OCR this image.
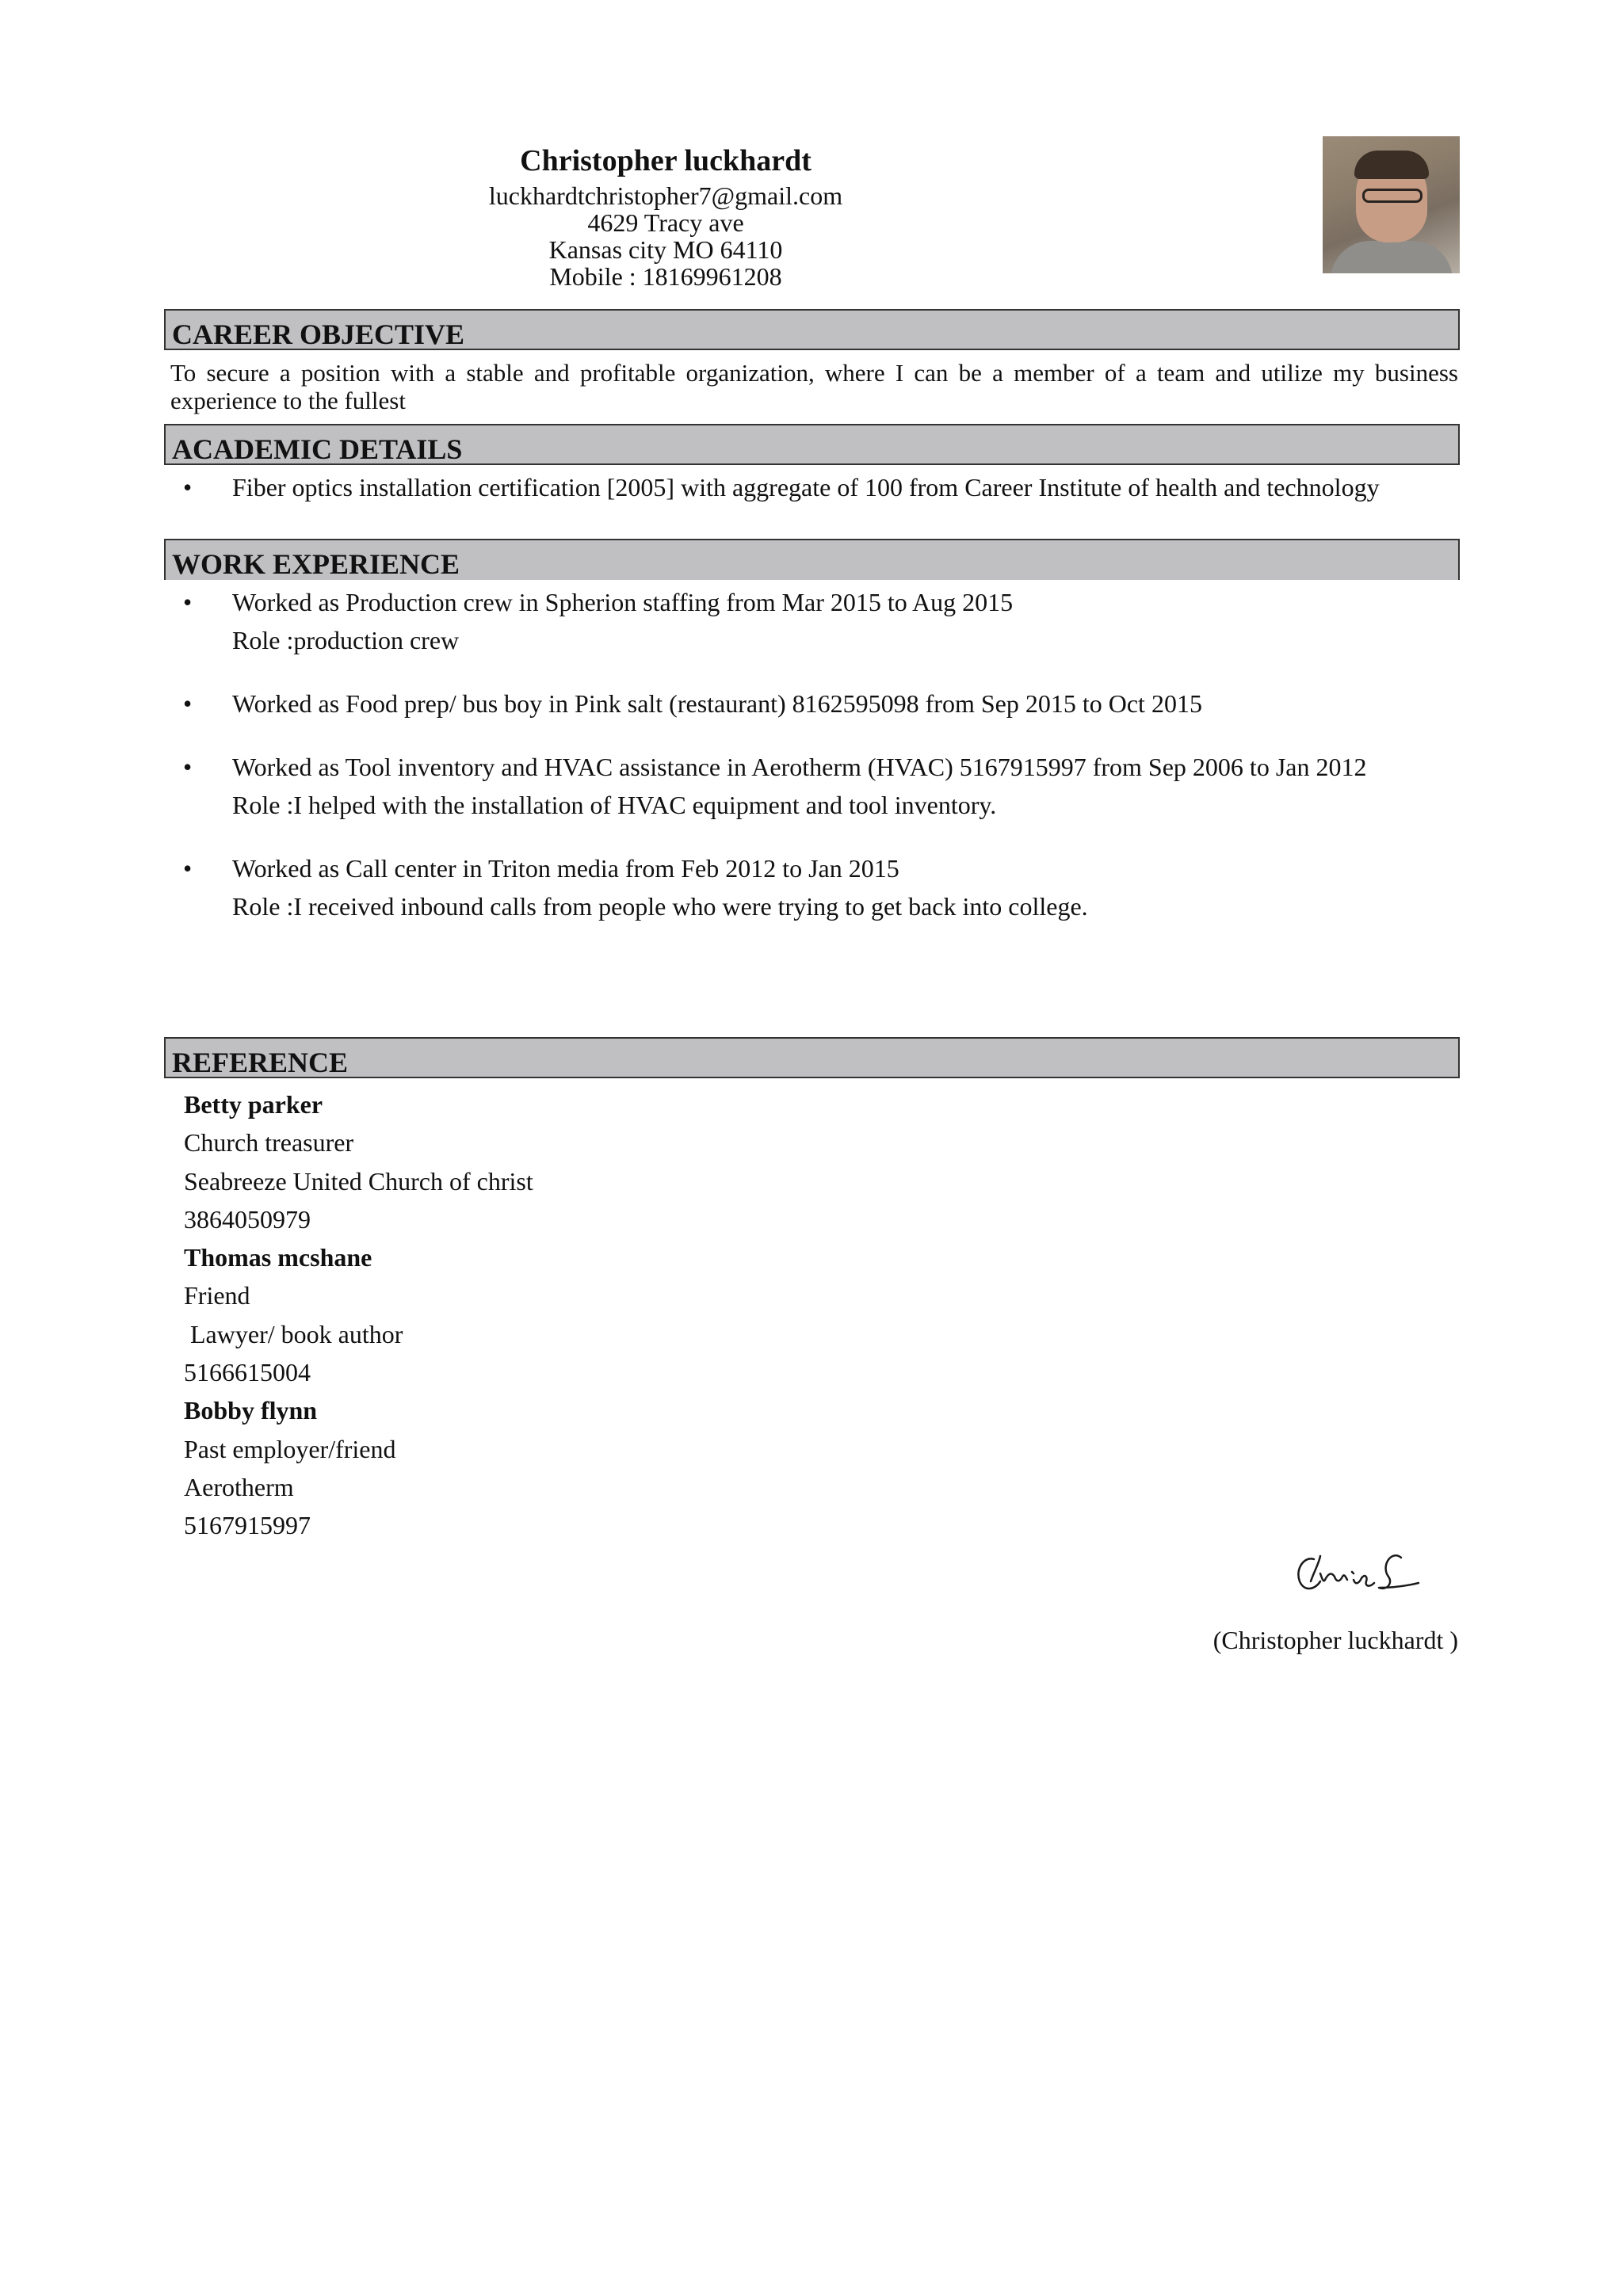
Christopher luckhardt
luckhardtchristopher7@gmail.com
4629 Tracy ave
Kansas city MO 64110
Mobile : 18169961208
CAREER OBJECTIVE
To secure a position with a stable and profitable organization, where I can be a member of a team and utilize my business experience to the fullest
ACADEMIC DETAILS
• Fiber optics installation certification [2005] with aggregate of 100 from Career Institute of health and technology
WORK EXPERIENCE
• Worked as Production crew in Spherion staffing from Mar 2015 to Aug 2015
Role :production crew
• Worked as Food prep/ bus boy in Pink salt (restaurant) 8162595098 from Sep 2015 to Oct 2015
• Worked as Tool inventory and HVAC assistance in Aerotherm (HVAC) 5167915997 from Sep 2006 to Jan 2012
Role :I helped with the installation of HVAC equipment and tool inventory.
• Worked as Call center in Triton media from Feb 2012 to Jan 2015
Role :I received inbound calls from people who were trying to get back into college.
REFERENCE
Betty parker
Church treasurer
Seabreeze United Church of christ
3864050979
Thomas mcshane
Friend
Lawyer/ book author
5166615004
Bobby flynn
Past employer/friend
Aerotherm
5167915997
(Christopher luckhardt )
